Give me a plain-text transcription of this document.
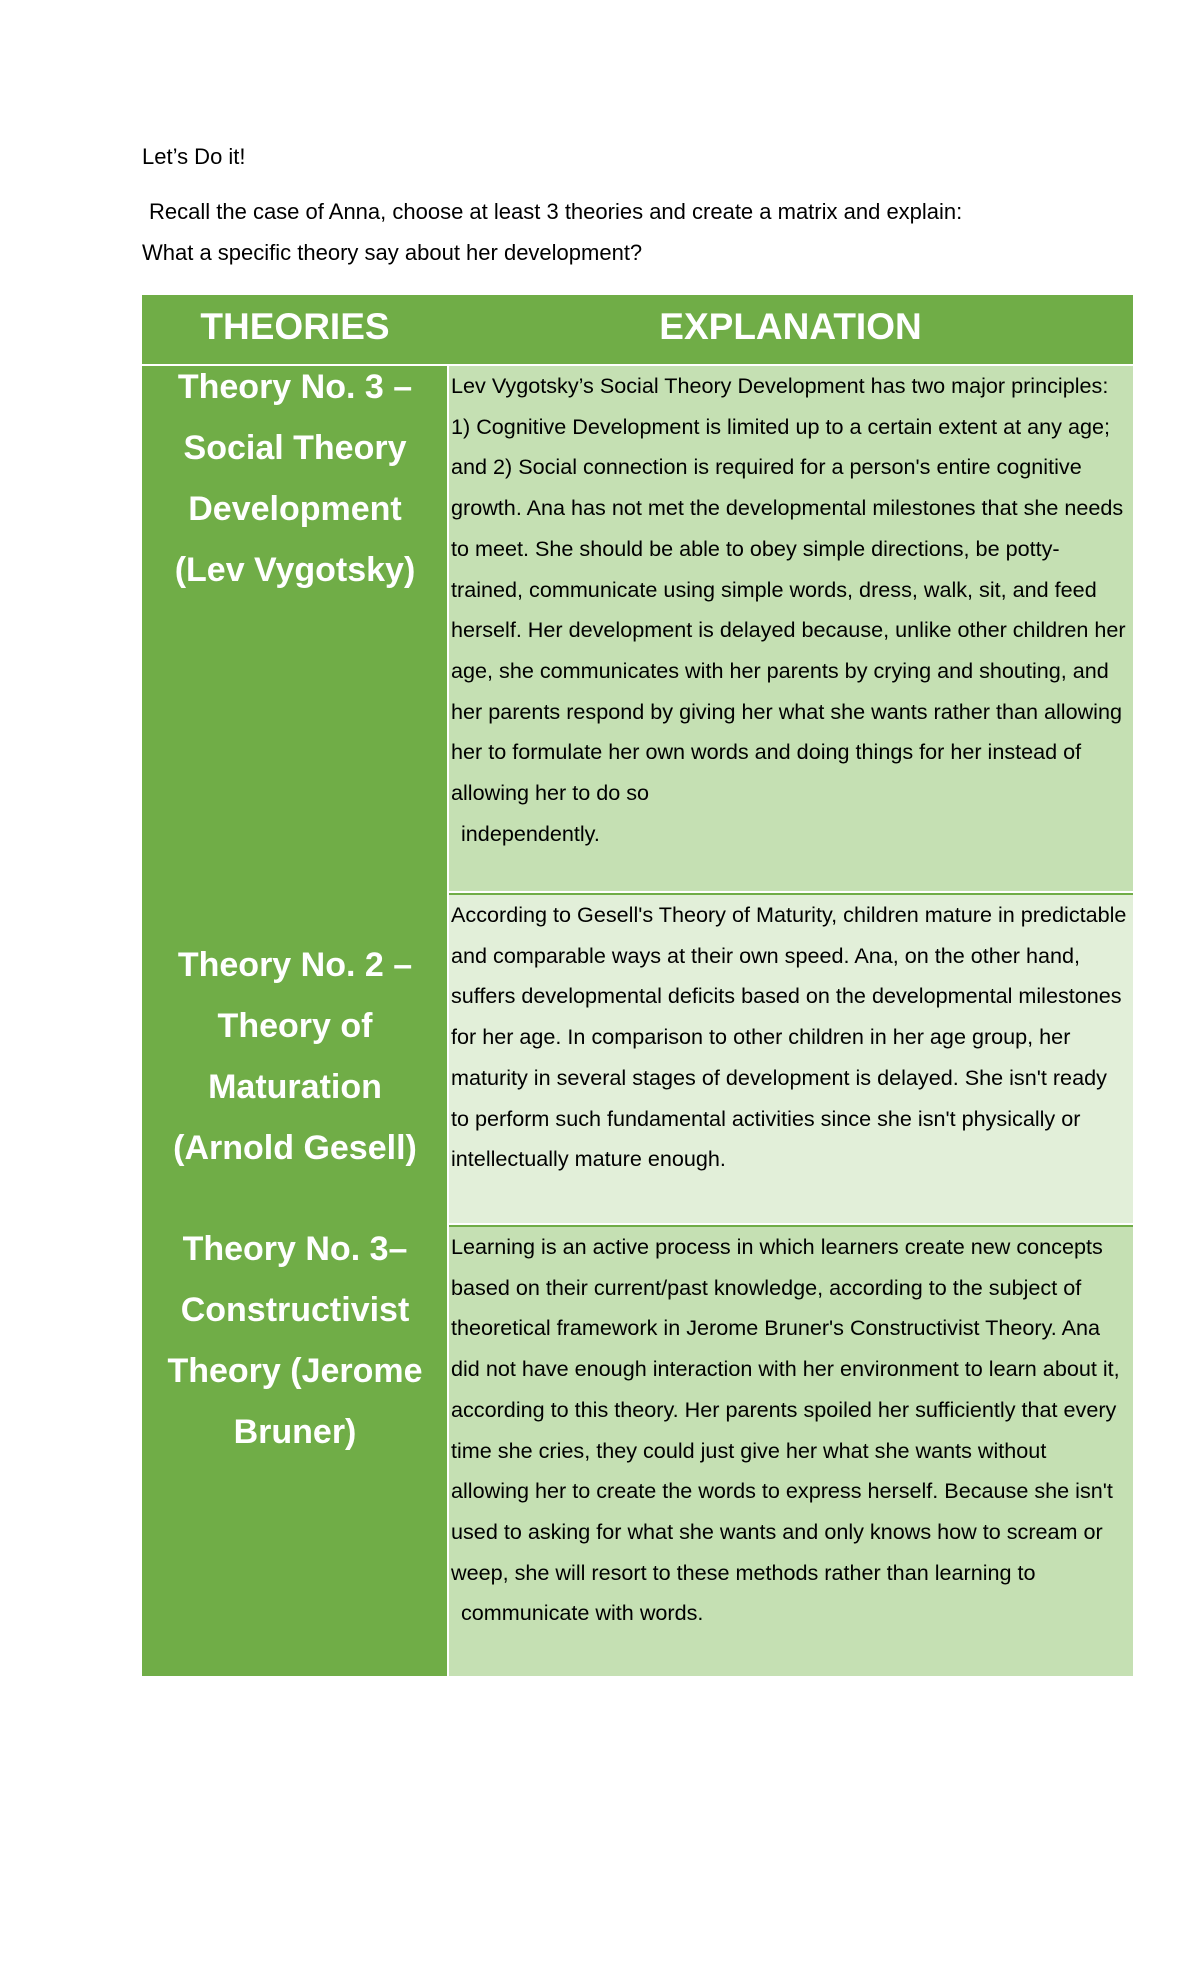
Let’s Do it!
Recall the case of Anna, choose at least 3 theories and create a matrix and explain:
What a specific theory say about her development?
THEORIES	EXPLANATION
Theory No. 3 –
Social Theory
Development
(Lev Vygotsky)
Theory No. 2 –
Theory of
Maturation
(Arnold Gesell)
Theory No. 3–
Constructivist
Theory (Jerome
Bruner)

Lev Vygotsky’s Social Theory Development has two major principles: 1) Cognitive Development is limited up to a certain extent at any age; and 2) Social connection is required for a person's entire cognitive growth. Ana has not met the developmental milestones that she needs to meet. She should be able to obey simple directions, be potty-trained, communicate using simple words, dress, walk, sit, and feed herself. Her development is delayed because, unlike other children her age, she communicates with her parents by crying and shouting, and her parents respond by giving her what she wants rather than allowing her to formulate her own words and doing things for her instead of allowing her to do so

independently.

According to Gesell's Theory of Maturity, children mature in predictable and comparable ways at their own speed. Ana, on the other hand, suffers developmental deficits based on the developmental milestones for her age. In comparison to other children in her age group, her maturity in several stages of development is delayed. She isn't ready to perform such fundamental activities since she isn't physically or intellectually mature enough.

Learning is an active process in which learners create new concepts based on their current/past knowledge, according to the subject of theoretical framework in Jerome Bruner's Constructivist Theory. Ana did not have enough interaction with her environment to learn about it, according to this theory. Her parents spoiled her sufficiently that every time she cries, they could just give her what she wants without allowing her to create the words to express herself. Because she isn't used to asking for what she wants and only knows how to scream or weep, she will resort to these methods rather than learning to

communicate with words.
